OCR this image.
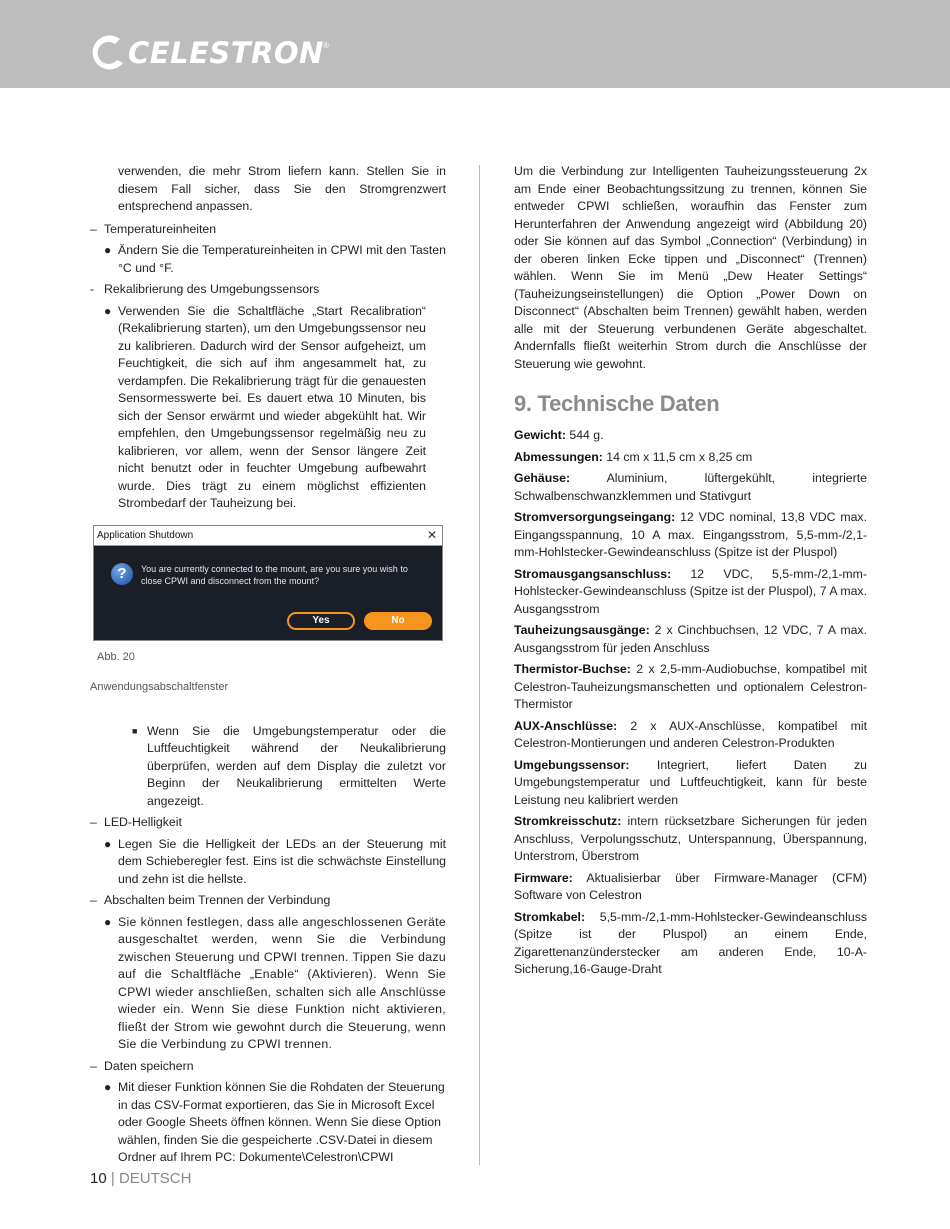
CELESTRON ®

verwenden, die mehr Strom liefern kann. Stellen Sie in diesem Fall sicher, dass Sie den Stromgrenzwert entsprechend anpassen.

– Temperatureinheiten
● Ändern Sie die Temperatureinheiten in CPWI mit den Tasten °C und °F.
- Rekalibrierung des Umgebungssensors
● Verwenden Sie die Schaltfläche „Start Recalibration“ (Rekalibrierung starten), um den Umgebungssensor neu zu kalibrieren. Dadurch wird der Sensor aufgeheizt, um Feuchtigkeit, die sich auf ihm angesammelt hat, zu verdampfen. Die Rekalibrierung trägt für die genauesten Sensormesswerte bei. Es dauert etwa 10 Minuten, bis sich der Sensor erwärmt und wieder abgekühlt hat. Wir empfehlen, den Umgebungssensor regelmäßig neu zu kalibrieren, vor allem, wenn der Sensor längere Zeit nicht benutzt oder in feuchter Umgebung aufbewahrt wurde. Dies trägt zu einem möglichst effizienten Strombedarf der Tauheizung bei.
Application Shutdown	✕
?	You are currently connected to the mount, are you sure you wish to close CPWI and disconnect from the mount?
Yes	No

Abb. 20

Anwendungsabschaltfenster

■ Wenn Sie die Umgebungstemperatur oder die Luftfeuchtigkeit während der Neukalibrierung überprüfen, werden auf dem Display die zuletzt vor Beginn der Neukalibrierung ermittelten Werte angezeigt.
– LED-Helligkeit
● Legen Sie die Helligkeit der LEDs an der Steuerung mit dem Schieberegler fest. Eins ist die schwächste Einstellung und zehn ist die hellste.
– Abschalten beim Trennen der Verbindung
● Sie können festlegen, dass alle angeschlossenen Geräte ausgeschaltet werden, wenn Sie die Verbindung zwischen Steuerung und CPWI trennen. Tippen Sie dazu auf die Schaltfläche „Enable“ (Aktivieren). Wenn Sie CPWI wieder anschließen, schalten sich alle Anschlüsse wieder ein. Wenn Sie diese Funktion nicht aktivieren, fließt der Strom wie gewohnt durch die Steuerung, wenn Sie die Verbindung zu CPWI trennen.
– Daten speichern
● Mit dieser Funktion können Sie die Rohdaten der Steuerung in das CSV-Format exportieren, das Sie in Microsoft Excel oder Google Sheets öffnen können. Wenn Sie diese Option wählen, finden Sie die gespeicherte .CSV-Datei in diesem Ordner auf Ihrem PC: Dokumente\Celestron\CPWI

Um die Verbindung zur Intelligenten Tauheizungssteuerung 2x am Ende einer Beobachtungssitzung zu trennen, können Sie entweder CPWI schließen, woraufhin das Fenster zum Herunterfahren der Anwendung angezeigt wird (Abbildung 20) oder Sie können auf das Symbol „Connection“ (Verbindung) in der oberen linken Ecke tippen und „Disconnect“ (Trennen) wählen. Wenn Sie im Menü „Dew Heater Settings“ (Tauheizungseinstellungen) die Option „Power Down on Disconnect“ (Abschalten beim Trennen) gewählt haben, werden alle mit der Steuerung verbundenen Geräte abgeschaltet. Andernfalls fließt weiterhin Strom durch die Anschlüsse der Steuerung wie gewohnt.

9. Technische Daten

Gewicht: 544 g.

Abmessungen: 14 cm x 11,5 cm x 8,25 cm

Gehäuse: Aluminium, lüftergekühlt, integrierte Schwalbenschwanzklemmen und Stativgurt

Stromversorgungseingang: 12 VDC nominal, 13,8 VDC max. Eingangsspannung, 10 A max. Eingangsstrom, 5,5-mm-/2,1-mm-Hohlstecker-Gewindeanschluss (Spitze ist der Pluspol)

Stromausgangsanschluss: 12 VDC, 5,5-mm-/2,1-mm-Hohlstecker-Gewindeanschluss (Spitze ist der Pluspol), 7 A max. Ausgangsstrom

Tauheizungsausgänge: 2 x Cinchbuchsen, 12 VDC, 7 A max. Ausgangsstrom für jeden Anschluss

Thermistor-Buchse: 2 x 2,5-mm-Audiobuchse, kompatibel mit Celestron-Tauheizungsmanschetten und optionalem Celestron-Thermistor

AUX-Anschlüsse: 2 x AUX-Anschlüsse, kompatibel mit Celestron-Montierungen und anderen Celestron-Produkten

Umgebungssensor: Integriert, liefert Daten zu Umgebungstemperatur und Luftfeuchtigkeit, kann für beste Leistung neu kalibriert werden

Stromkreisschutz: intern rücksetzbare Sicherungen für jeden Anschluss, Verpolungsschutz, Unterspannung, Überspannung, Unterstrom, Überstrom

Firmware: Aktualisierbar über Firmware-Manager (CFM) Software von Celestron

Stromkabel: 5,5-mm-/2,1-mm-Hohlstecker-Gewindeanschluss (Spitze ist der Pluspol) an einem Ende, Zigarettenanzünderstecker am anderen Ende, 10-A-Sicherung,16-Gauge-Draht

10 | DEUTSCH
